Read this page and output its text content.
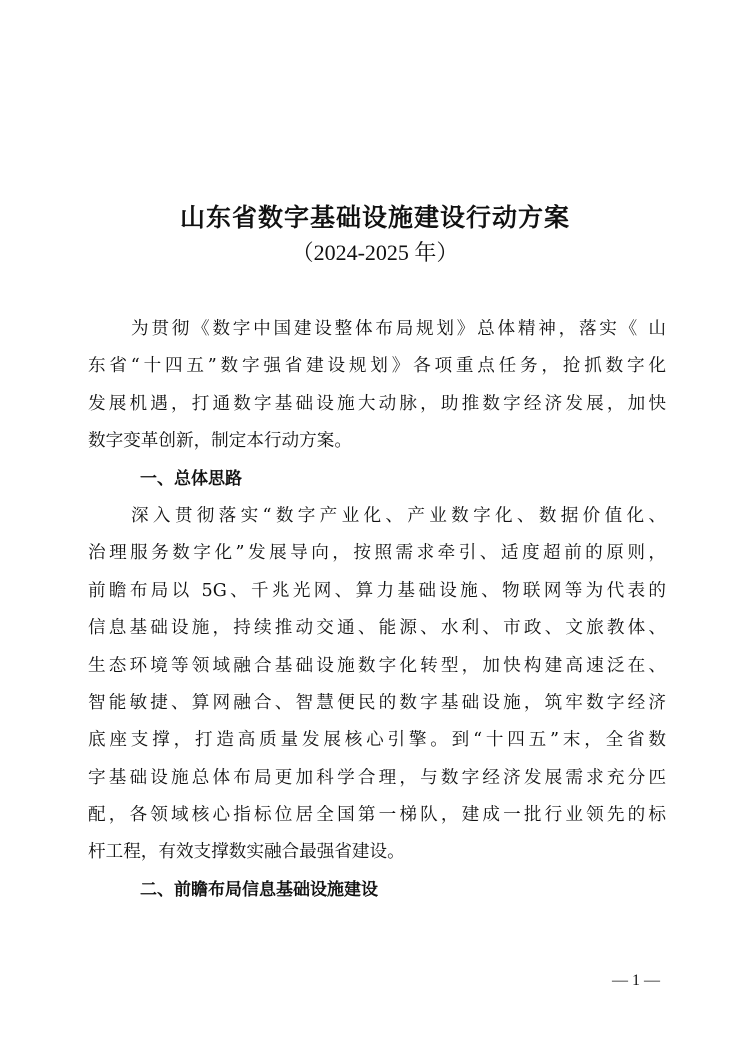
山东省数字基础设施建设行动方案
（2024-2025 年）
为贯彻《数字中国建设整体布局规划》总体精神，落实《 山
东省“十四五”数字强省建设规划》各项重点任务，抢抓数字化
发展机遇，打通数字基础设施大动脉，助推数字经济发展，加快
数字变革创新，制定本行动方案。
一、总体思路
深入贯彻落实“数字产业化、产业数字化、数据价值化、
治理服务数字化”发展导向，按照需求牵引、适度超前的原则，
前瞻布局以 5G、千兆光网、算力基础设施、物联网等为代表的
信息基础设施，持续推动交通、能源、水利、市政、文旅教体、
生态环境等领域融合基础设施数字化转型，加快构建高速泛在、
智能敏捷、算网融合、智慧便民的数字基础设施，筑牢数字经济
底座支撑，打造高质量发展核心引擎。到“十四五”末，全省数
字基础设施总体布局更加科学合理，与数字经济发展需求充分匹
配，各领域核心指标位居全国第一梯队，建成一批行业领先的标
杆工程，有效支撑数实融合最强省建设。
二、前瞻布局信息基础设施建设
— 1 —
